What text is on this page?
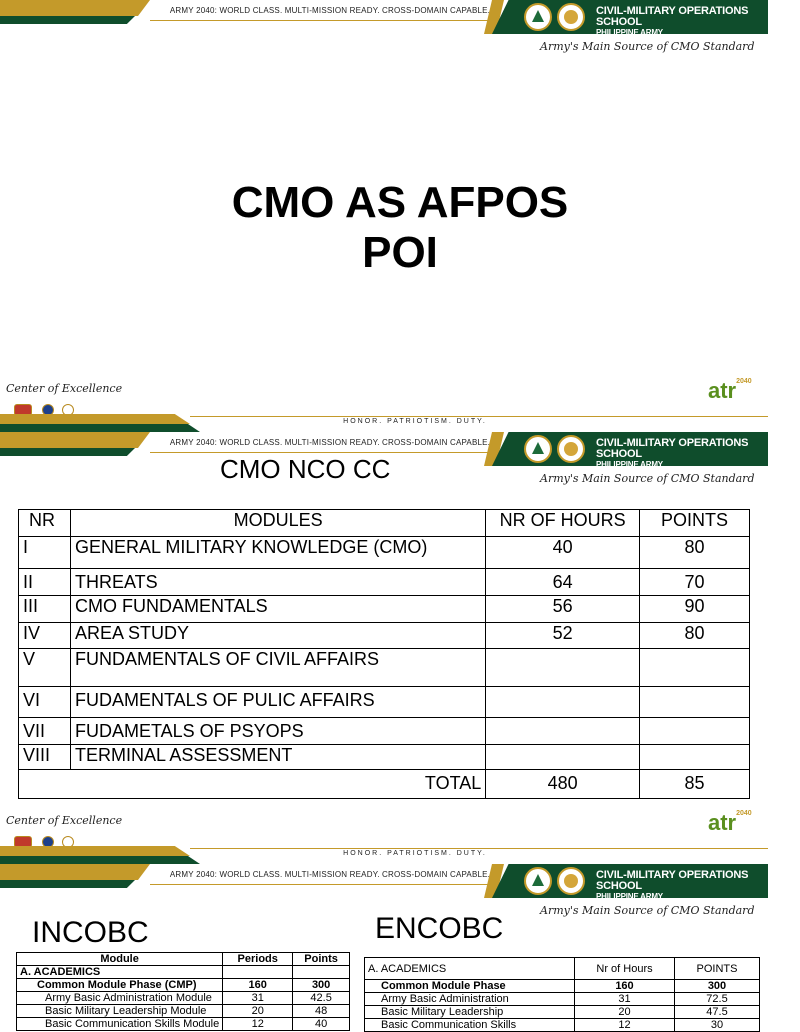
ARMY 2040: WORLD CLASS. MULTI-MISSION READY. CROSS-DOMAIN CAPABLE.	CIVIL-MILITARY OPERATIONS SCHOOL
PHILIPPINE ARMY
Army's Main Source of CMO Standard
CMO AS AFPOS
POI
Center of Excellence
HONOR. PATRIOTISM. DUTY.
atr$^{2040}$
ARMY 2040: WORLD CLASS. MULTI-MISSION READY. CROSS-DOMAIN CAPABLE.	CIVIL-MILITARY OPERATIONS SCHOOL
PHILIPPINE ARMY
Army's Main Source of CMO Standard
CMO NCO CC
NR	MODULES	NR OF HOURS	POINTS
I	GENERAL MILITARY KNOWLEDGE (CMO)	40	80
II	THREATS	64	70
III	CMO FUNDAMENTALS	56	90
IV	AREA STUDY	52	80
V	FUNDAMENTALS OF CIVIL AFFAIRS		
VI	FUDAMENTALS OF PULIC AFFAIRS		
VII	FUDAMETALS OF PSYOPS		
VIII	TERMINAL ASSESSMENT		
TOTAL		480	85
Center of Excellence
HONOR. PATRIOTISM. DUTY.
atr$^{2040}$
ARMY 2040: WORLD CLASS. MULTI-MISSION READY. CROSS-DOMAIN CAPABLE.	CIVIL-MILITARY OPERATIONS SCHOOL
PHILIPPINE ARMY
Army's Main Source of CMO Standard
INCOBC	ENCOBC
Module	Periods	Points
A. ACADEMICS		
Common Module Phase (CMP)	160	300
Army Basic Administration Module	31	42.5
Basic Military Leadership Module	20	48
Basic Communication Skills Module	12	40
A. ACADEMICS	Nr of Hours	POINTS
Common Module Phase	160	300
Army Basic Administration	31	72.5
Basic Military Leadership	20	47.5
Basic Communication Skills	12	30
